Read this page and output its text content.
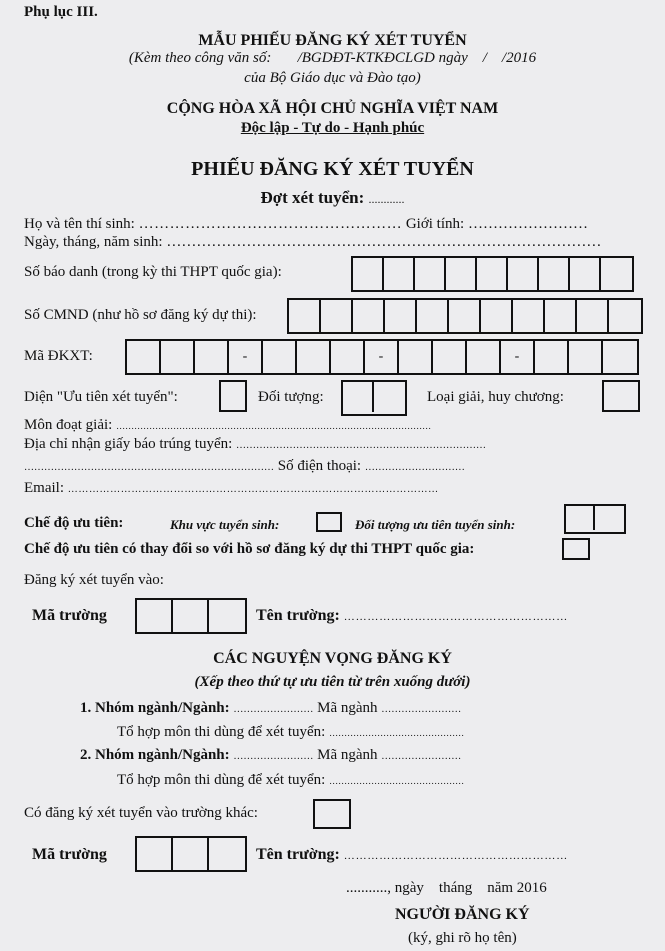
Phụ lục III.
MẪU PHIẾU ĐĂNG KÝ XÉT TUYỂN
(Kèm theo công văn số:       /BGDĐT-KTKĐCLGD ngày    /    /2016
của Bộ Giáo dục và Đào tạo)
CỘNG HÒA XÃ HỘI CHỦ NGHĨA VIỆT NAM
Độc lập - Tự do - Hạnh phúc
PHIẾU ĐĂNG KÝ XÉT TUYỂN
Đợt xét tuyển: ............
Họ và tên thí sinh: …………………………………………… Giới tính: ……………………
Ngày, tháng, năm sinh: ……………………………………………………………………………
Số báo danh (trong kỳ thi THPT quốc gia):
Số CMND (như hồ sơ đăng ký dự thi):
Mã ĐKXT:	-	-	-
Diện "Ưu tiên xét tuyển":	Đối tượng:	Loại giải, huy chương:
Môn đoạt giải: ……………………………………………………………………………………………
Địa chỉ nhận giấy báo trúng tuyển: …………………………………………………………………
………………………………………………………………… Số điện thoại: …………………………
Email: ……………………………………………………………………………………………
Chế độ ưu tiên:	Khu vực tuyển sinh:	Đối tượng ưu tiên tuyển sinh:
Chế độ ưu tiên có thay đổi so với hồ sơ đăng ký dự thi THPT quốc gia:
Đăng ký xét tuyển vào:
Mã trường	Tên trường: …………………………………………………
CÁC NGUYỆN VỌNG ĐĂNG KÝ
(Xếp theo thứ tự ưu tiên từ trên xuống dưới)
1. Nhóm ngành/Ngành: …………………… Mã ngành ……………………
Tổ hợp môn thi dùng để xét tuyển: ………………………………………
2. Nhóm ngành/Ngành: …………………… Mã ngành ……………………
Tổ hợp môn thi dùng để xét tuyển: ………………………………………
Có đăng ký xét tuyển vào trường khác:
Mã trường	Tên trường: …………………………………………………
..........., ngày    tháng    năm 2016
NGƯỜI ĐĂNG KÝ
(ký, ghi rõ họ tên)
